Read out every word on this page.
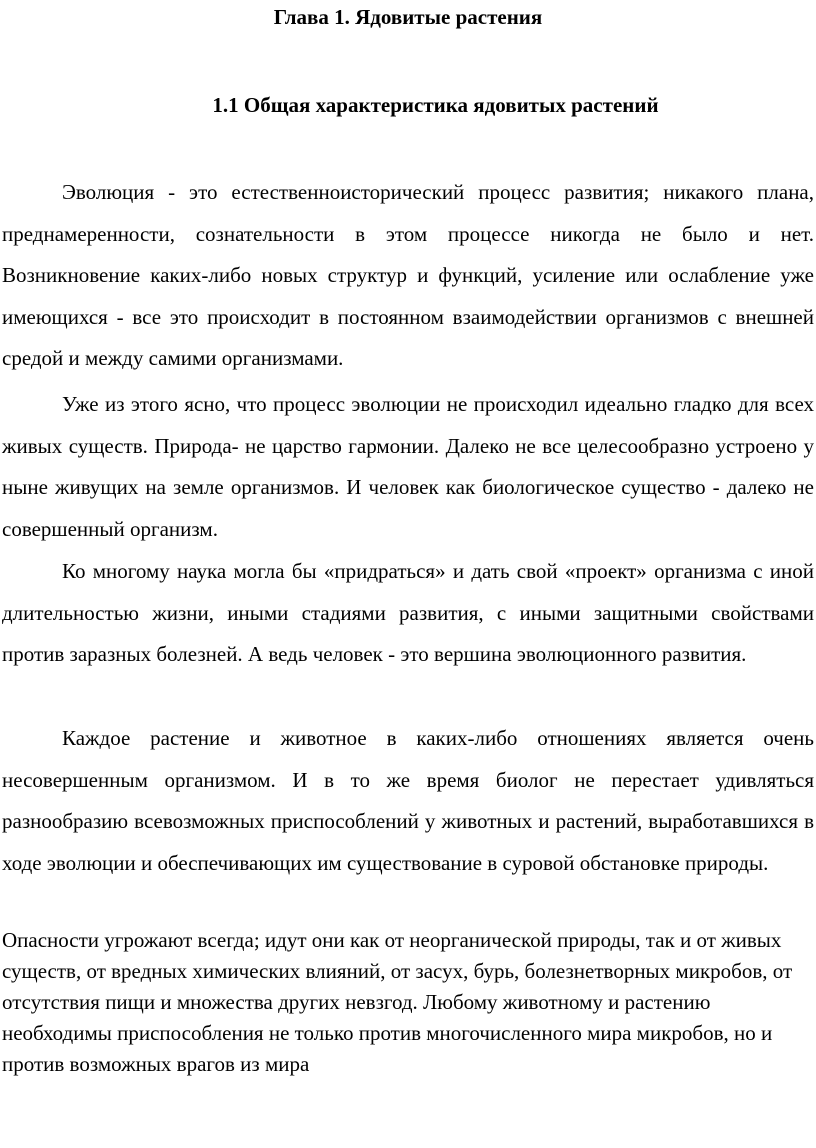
Глава 1. Ядовитые растения
1.1 Общая характеристика ядовитых растений

Эволюция - это естественноисторический процесс развития; никакого плана, преднамеренности, сознательности в этом процессе никогда не было и нет. Возникновение каких-либо новых структур и функций, усиление или ослабление уже имеющихся - все это происходит в постоянном взаимодействии организмов с внешней средой и между самими организмами.

Уже из этого ясно, что процесс эволюции не происходил идеально гладко для всех живых существ. Природа- не царство гармонии. Далеко не все целесообразно устроено у ныне живущих на земле организмов. И человек как биологическое существо - далеко не совершенный организм.

Ко многому наука могла бы «придраться» и дать свой «проект» организма с иной длительностью жизни, иными стадиями развития, с иными защитными свойствами против заразных болезней. А ведь человек - это вершина эволюционного развития.

Каждое растение и животное в каких-либо отношениях является очень несовершенным организмом. И в то же время биолог не перестает удивляться разнообразию всевозможных приспособлений у животных и растений, выработавшихся в ходе эволюции и обеспечивающих им существование в суровой обстановке природы.

Опасности угрожают всегда; идут они как от неорганической природы, так и от живых существ, от вредных химических влияний, от засух, бурь, болезнетворных микробов, от отсутствия пищи и множества других невзгод. Любому животному и растению необходимы приспособления не только против многочисленного мира микробов, но и против возможных врагов из мира
